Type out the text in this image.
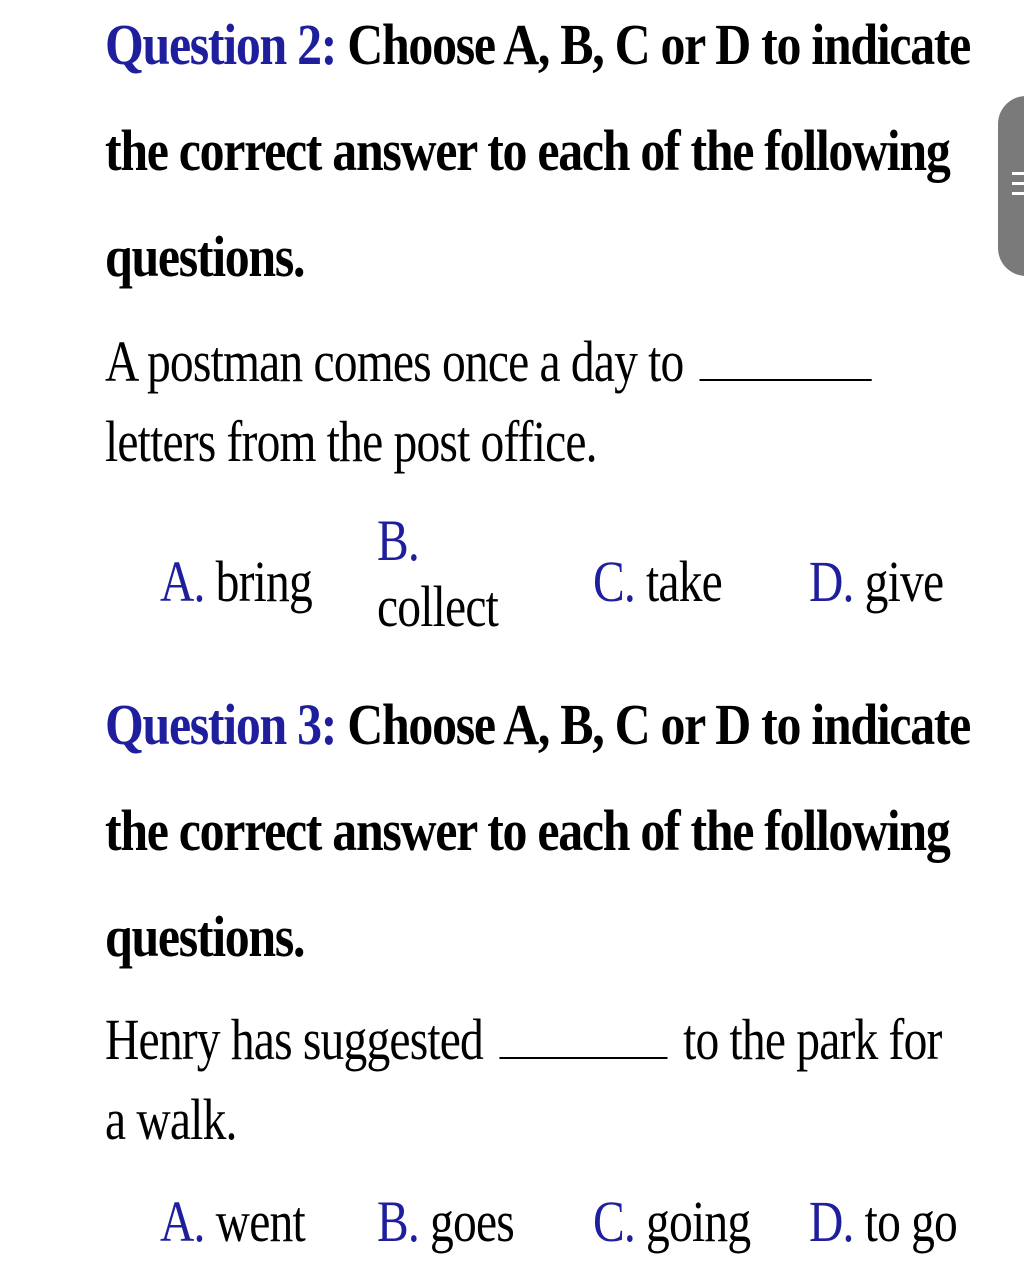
Question 2: Choose A, B, C or D to indicate
the correct answer to each of the following
questions.
A postman comes once a day to
letters from the post office.
A. bring
B.
collect C. take D. give
Question 3: Choose A, B, C or D to indicate
the correct answer to each of the following
questions.
Henry has suggested	to the park for
a walk.
A. went B. goes C. going D. to go
